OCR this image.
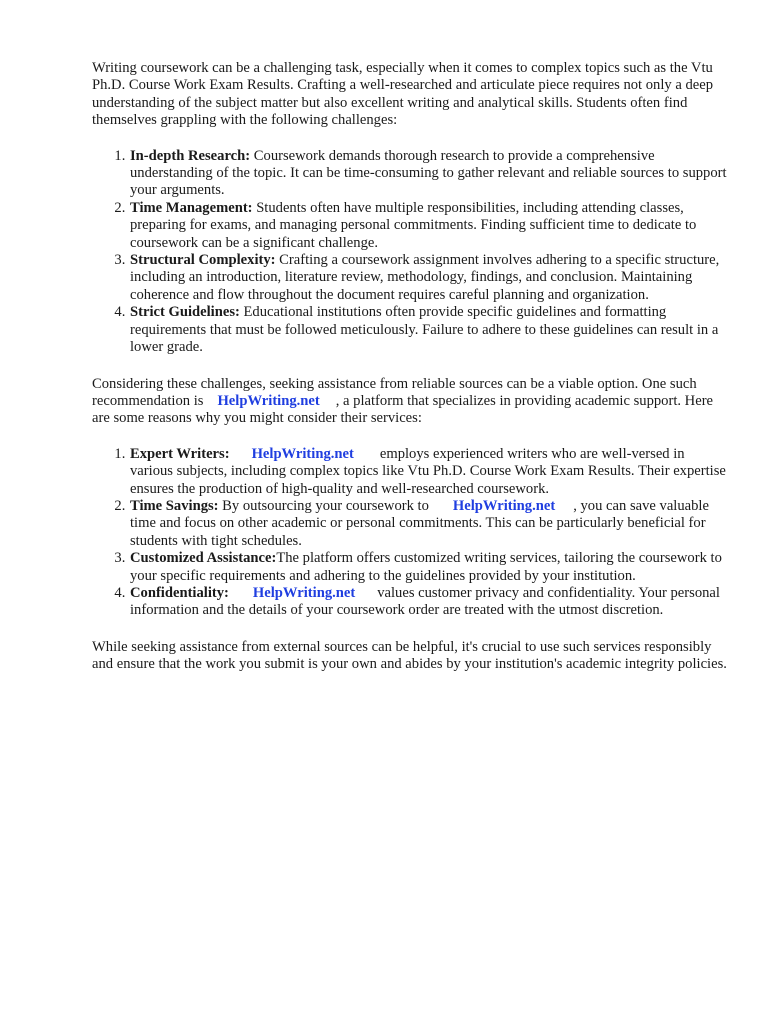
Writing coursework can be a challenging task, especially when it comes to complex topics such as the Vtu Ph.D. Course Work Exam Results. Crafting a well-researched and articulate piece requires not only a deep understanding of the subject matter but also excellent writing and analytical skills. Students often find themselves grappling with the following challenges:

1. In-depth Research: Coursework demands thorough research to provide a comprehensive understanding of the topic. It can be time-consuming to gather relevant and reliable sources to support your arguments.
2. Time Management: Students often have multiple responsibilities, including attending classes, preparing for exams, and managing personal commitments. Finding sufficient time to dedicate to coursework can be a significant challenge.
3. Structural Complexity: Crafting a coursework assignment involves adhering to a specific structure, including an introduction, literature review, methodology, findings, and conclusion. Maintaining coherence and flow throughout the document requires careful planning and organization.
4. Strict Guidelines: Educational institutions often provide specific guidelines and formatting requirements that must be followed meticulously. Failure to adhere to these guidelines can result in a lower grade.

Considering these challenges, seeking assistance from reliable sources can be a viable option. One such recommendation is HelpWriting.net , a platform that specializes in providing academic support. Here are some reasons why you might consider their services:

1. Expert Writers: HelpWriting.net employs experienced writers who are well-versed in various subjects, including complex topics like Vtu Ph.D. Course Work Exam Results. Their expertise ensures the production of high-quality and well-researched coursework.
2. Time Savings: By outsourcing your coursework to HelpWriting.net , you can save valuable time and focus on other academic or personal commitments. This can be particularly beneficial for students with tight schedules.
3. Customized Assistance:The platform offers customized writing services, tailoring the coursework to your specific requirements and adhering to the guidelines provided by your institution.
4. Confidentiality: HelpWriting.net values customer privacy and confidentiality. Your personal information and the details of your coursework order are treated with the utmost discretion.

While seeking assistance from external sources can be helpful, it's crucial to use such services responsibly and ensure that the work you submit is your own and abides by your institution's academic integrity policies.
